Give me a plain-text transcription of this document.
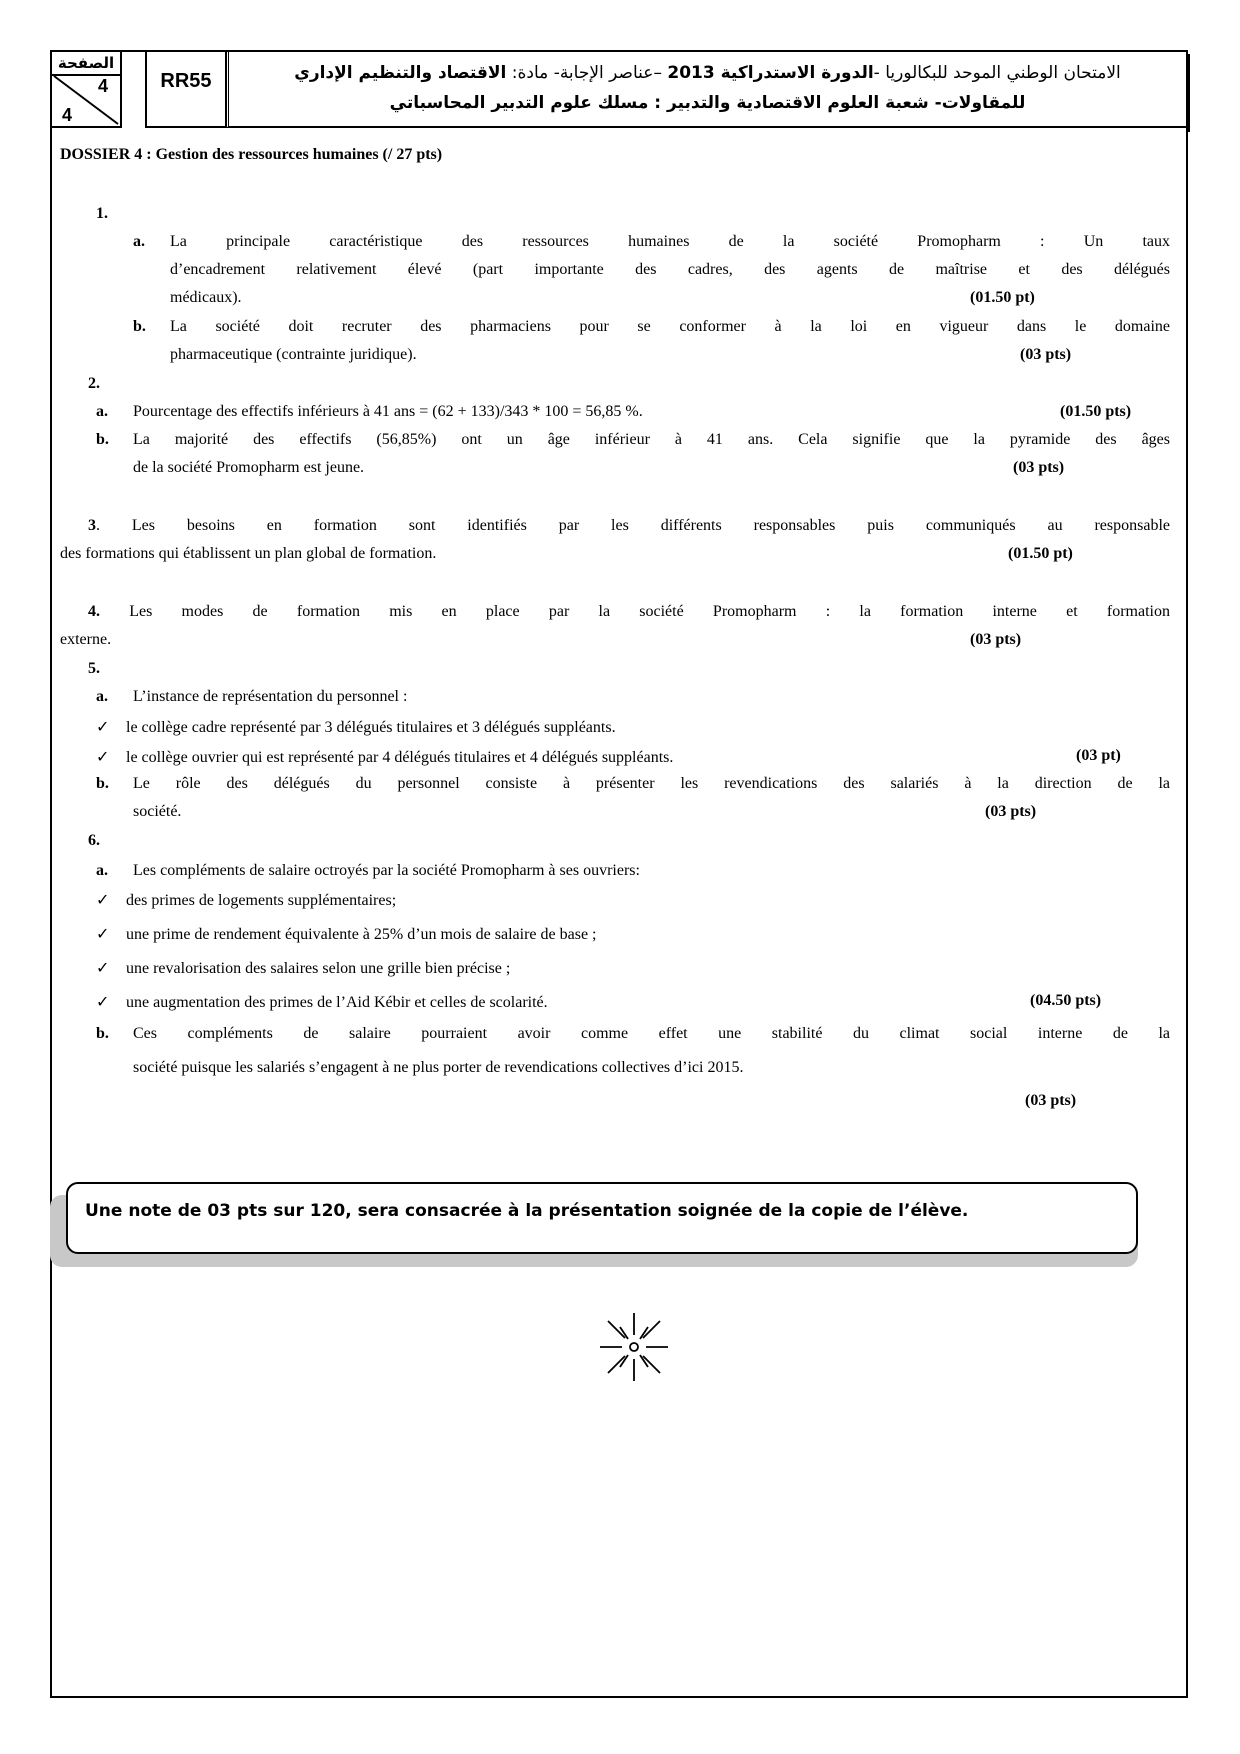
الصفحة
4
4
RR55	الامتحان الوطني الموحد للبكالوريا -الدورة الاستدراكية 2013 –عناصر الإجابة- مادة: الاقتصاد والتنظيم الإداري
للمقاولات- شعبة العلوم الاقتصادية والتدبير : مسلك علوم التدبير المحاسباتي
DOSSIER 4 : Gestion des ressources humaines (/ 27 pts)
1.
a. La principale caractéristique des ressources humaines de la société Promopharm : Un taux
d’encadrement relativement élevé (part importante des cadres, des agents de maîtrise et des délégués
médicaux).	(01.50 pt)
b. La société doit recruter des pharmaciens pour se conformer à la loi en vigueur dans le domaine
pharmaceutique (contrainte juridique).	(03 pts)
2.
a. Pourcentage des effectifs inférieurs à 41 ans = (62 + 133)/343 * 100 = 56,85 %.	(01.50 pts)
b. La majorité des effectifs (56,85%) ont un âge inférieur à 41 ans. Cela signifie que la pyramide des âges
de la société Promopharm est jeune.	(03 pts)
3. Les besoins en formation sont identifiés par les différents responsables puis communiqués au responsable
des formations qui établissent un plan global de formation.	(01.50 pt)
4. Les modes de formation mis en place par la société Promopharm : la formation interne et formation
externe.	(03 pts)
5.
a. L’instance de représentation du personnel :
✓ le collège cadre représenté par 3 délégués titulaires et 3 délégués suppléants.
✓ le collège ouvrier qui est représenté par 4 délégués titulaires et 4 délégués suppléants.	(03 pt)
b. Le rôle des délégués du personnel consiste à présenter les revendications des salariés à la direction de la
société.	(03 pts)
6.
a. Les compléments de salaire octroyés par la société Promopharm à ses ouvriers:
✓ des primes de logements supplémentaires;
✓ une prime de rendement équivalente à 25% d’un mois de salaire de base ;
✓ une revalorisation des salaires selon une grille bien précise ;
✓ une augmentation des primes de l’Aid Kébir et celles de scolarité.	(04.50 pts)
b. Ces compléments de salaire pourraient avoir comme effet une stabilité du climat social interne de la
société puisque les salariés s’engagent à ne plus porter de revendications collectives d’ici 2015.
(03 pts)
Une note de 03 pts sur 120, sera consacrée à la présentation soignée de la copie de l’élève.
